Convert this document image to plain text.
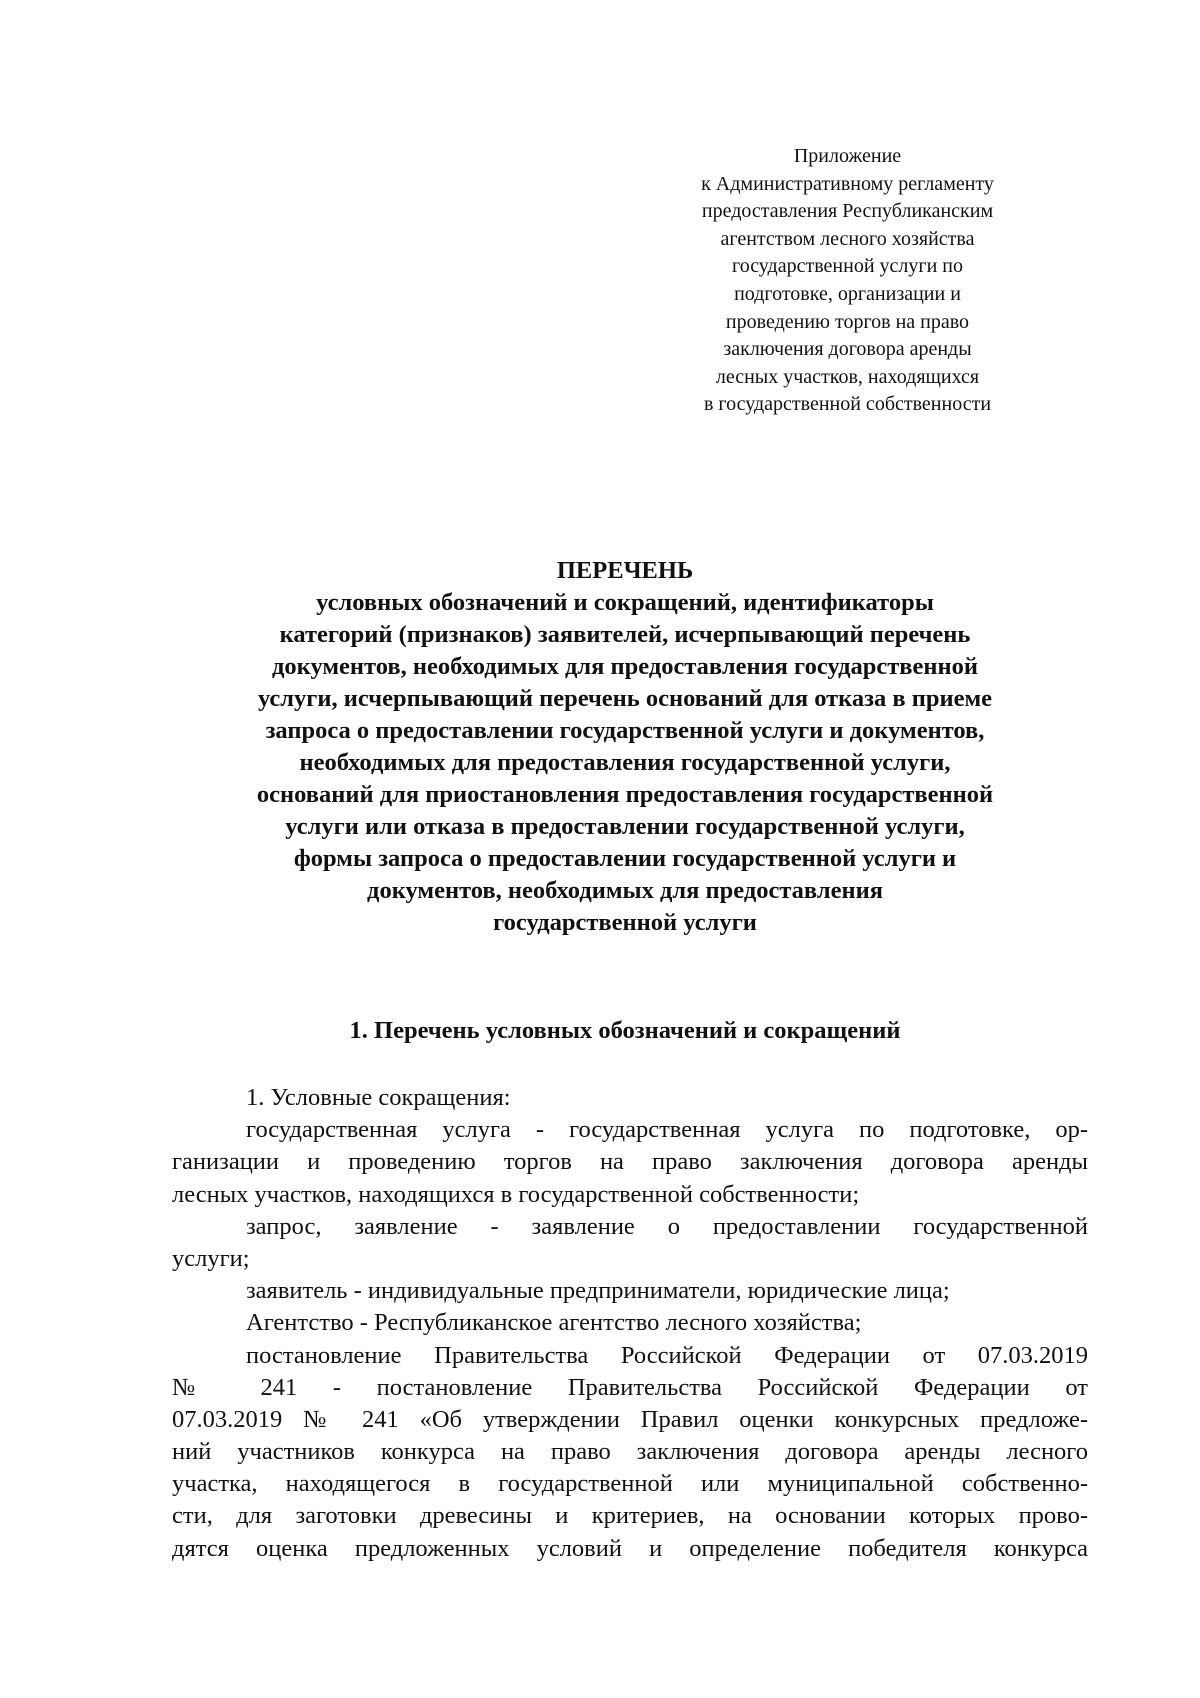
Приложение
к Административному регламенту
предоставления Республиканским
агентством лесного хозяйства
государственной услуги по
подготовке, организации и
проведению торгов на право
заключения договора аренды
лесных участков, находящихся
в государственной собственности
ПЕРЕЧЕНЬ
условных обозначений и сокращений, идентификаторы
категорий (признаков) заявителей, исчерпывающий перечень
документов, необходимых для предоставления государственной
услуги, исчерпывающий перечень оснований для отказа в приеме
запроса о предоставлении государственной услуги и документов,
необходимых для предоставления государственной услуги,
оснований для приостановления предоставления государственной
услуги или отказа в предоставлении государственной услуги,
формы запроса о предоставлении государственной услуги и
документов, необходимых для предоставления
государственной услуги
1. Перечень условных обозначений и сокращений
1. Условные сокращения:
государственная услуга - государственная услуга по подготовке, ор-
ганизации и проведению торгов на право заключения договора аренды
лесных участков, находящихся в государственной собственности;
запрос, заявление - заявление о предоставлении государственной
услуги;
заявитель - индивидуальные предприниматели, юридические лица;
Агентство - Республиканское агентство лесного хозяйства;
постановление Правительства Российской Федерации от 07.03.2019
№ 241 - постановление Правительства Российской Федерации от
07.03.2019 № 241 «Об утверждении Правил оценки конкурсных предложе-
ний участников конкурса на право заключения договора аренды лесного
участка, находящегося в государственной или муниципальной собственно-
сти, для заготовки древесины и критериев, на основании которых прово-
дятся оценка предложенных условий и определение победителя конкурса
